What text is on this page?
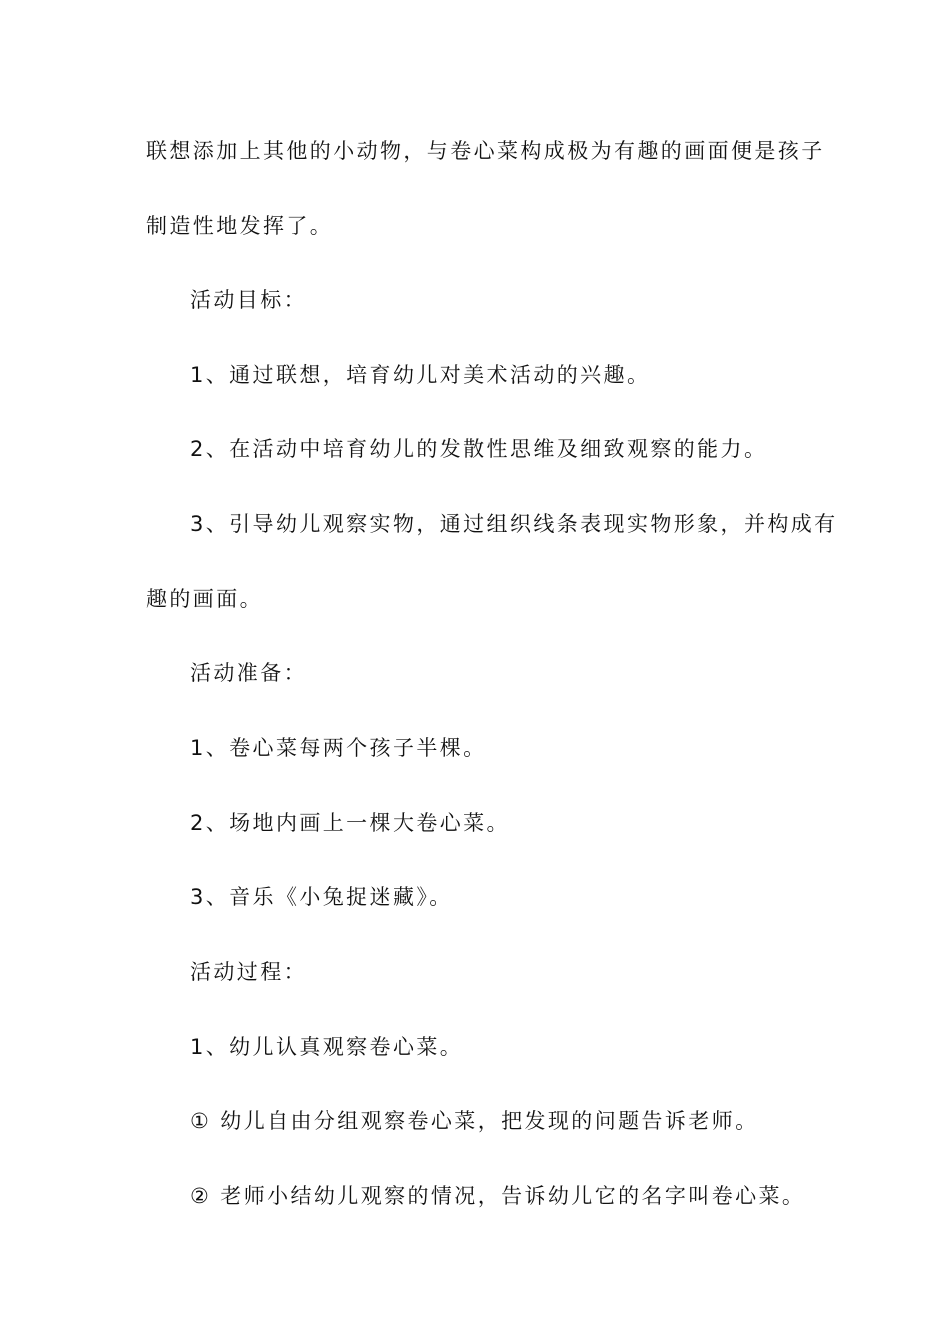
联想添加上其他的小动物，与卷心菜构成极为有趣的画面便是孩子
制造性地发挥了。
活动目标：
1、通过联想，培育幼儿对美术活动的兴趣。
2、在活动中培育幼儿的发散性思维及细致观察的能力。
3、引导幼儿观察实物，通过组织线条表现实物形象，并构成有
趣的画面。
活动准备：
1、卷心菜每两个孩子半棵。
2、场地内画上一棵大卷心菜。
3、音乐《小兔捉迷藏》。
活动过程：
1、幼儿认真观察卷心菜。
① 幼儿自由分组观察卷心菜，把发现的问题告诉老师。
② 老师小结幼儿观察的情况，告诉幼儿它的名字叫卷心菜。
